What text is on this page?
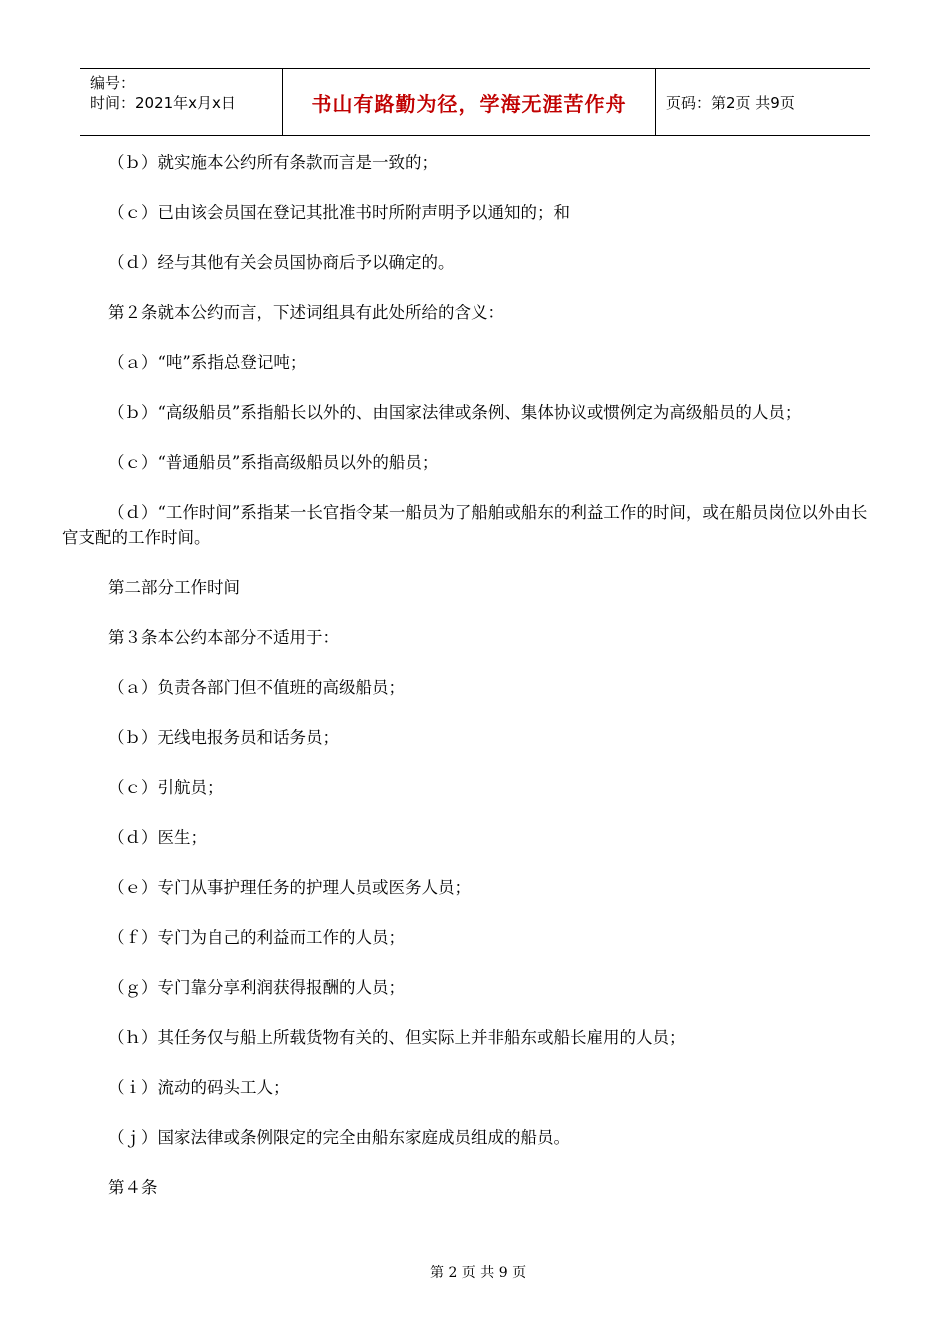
编号：
时间：2021年x月x日	书山有路勤为径，学海无涯苦作舟	页码：第2页 共9页

（ｂ）就实施本公约所有条款而言是一致的；

（ｃ）已由该会员国在登记其批准书时所附声明予以通知的；和

（ｄ）经与其他有关会员国协商后予以确定的。

第２条就本公约而言，下述词组具有此处所给的含义：

（ａ）“吨”系指总登记吨；

（ｂ）“高级船员”系指船长以外的、由国家法律或条例、集体协议或惯例定为高级船员的人员；

（ｃ）“普通船员”系指高级船员以外的船员；

（ｄ）“工作时间”系指某一长官指令某一船员为了船舶或船东的利益工作的时间，或在船员岗位以外由长官支配的工作时间。

第二部分工作时间

第３条本公约本部分不适用于：

（ａ）负责各部门但不值班的高级船员；

（ｂ）无线电报务员和话务员；

（ｃ）引航员；

（ｄ）医生；

（ｅ）专门从事护理任务的护理人员或医务人员；

（ｆ）专门为自己的利益而工作的人员；

（ｇ）专门靠分享利润获得报酬的人员；

（ｈ）其任务仅与船上所载货物有关的、但实际上并非船东或船长雇用的人员；

（ｉ）流动的码头工人；

（ｊ）国家法律或条例限定的完全由船东家庭成员组成的船员。

第４条

第 2 页 共 9 页
